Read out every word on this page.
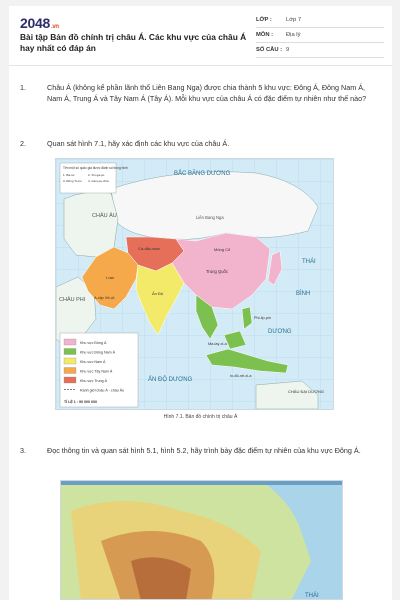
2048.vn
Bài tập Bản đồ chính trị châu Á. Các khu vực của châu Á hay nhất có đáp án
LỚP : Lớp 7
MÔN : Địa lý
SỐ CÂU : 9
1.	Châu Á (không kể phần lãnh thổ Liên Bang Nga) được chia thành 5 khu vực: Đông Á, Đông Nam Á, Nam Á, Trung Á và Tây Nam Á (Tây Á). Mỗi khu vực của châu Á có đặc điểm tự nhiên như thế nào?
2.	Quan sát hình 7.1, hãy xác định các khu vực của châu Á.
BẮC BĂNG DƯƠNG
CHÂU ÂU
CHÂU PHI
Liên Bang Nga
Ca-dắc-xtan	Mông Cổ
Trung Quốc
I-ran
A-rập Xê-út
Ấn Độ
Phi-lip-pin
Ma-lay-xi-a
In-đô-nê-xi-a
THÁI
BÌNH
DƯƠNG
ẤN ĐỘ DƯƠNG
CHÂU ĐẠI DƯƠNG
Tên một số quốc gia được đánh số trong hình
1. Ba-roi	2. Xin-ga-po
3. Đông Ti-mo 4. Cam-pu-chia
Khu vực Đông Á
Khu vực Đông Nam Á
Khu vực Nam Á
Khu vực Tây Nam Á
Khu vực Trung Á
Ranh giới châu Á - châu Âu
TỈ LỆ 1 : 90 000 000
Hình 7.1. Bản đồ chính trị châu Á
3.	Đọc thông tin và quan sát hình 5.1, hình 5.2, hãy trình bày đặc điểm tự nhiên của khu vực Đông Á.
THÁI
